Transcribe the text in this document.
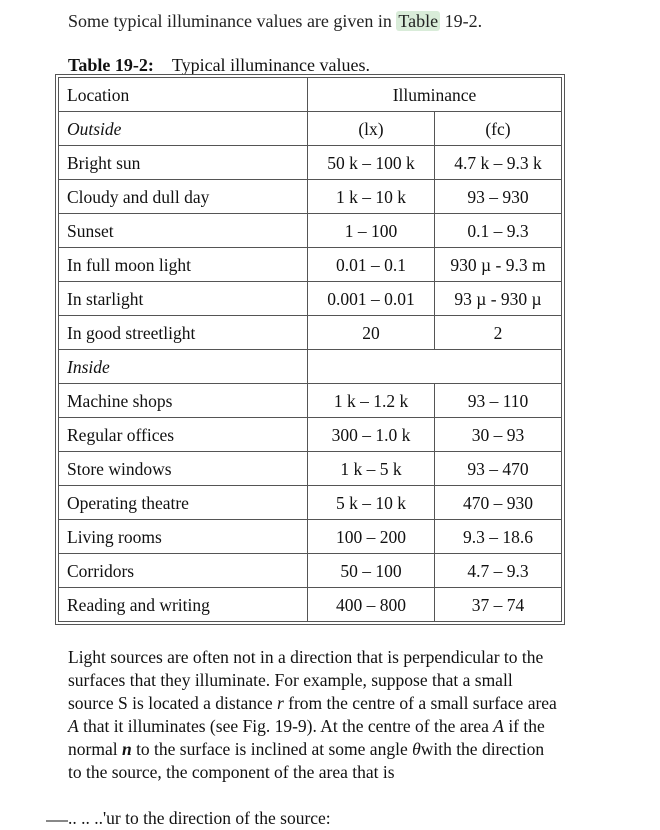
Some typical illuminance values are given in Table 19-2.
Table 19-2: Typical illuminance values.
Location	Illuminance	
Outside	(lx)	(fc)
Bright sun	50 k – 100 k	4.7 k – 9.3 k
Cloudy and dull day	1 k – 10 k	93 – 930
Sunset	1 – 100	0.1 – 9.3
In full moon light	0.01 – 0.1	930 µ - 9.3 m
In starlight	0.001 – 0.01	93 µ - 930 µ
In good streetlight	20	2
Inside		
Machine shops	1 k – 1.2 k	93 – 110
Regular offices	300 – 1.0 k	30 – 93
Store windows	1 k – 5 k	93 – 470
Operating theatre	5 k – 10 k	470 – 930
Living rooms	100 – 200	9.3 – 18.6
Corridors	50 – 100	4.7 – 9.3
Reading and writing	400 – 800	37 – 74
Light sources are often not in a direction that is perpendicular to the surfaces that they illuminate. For example, suppose that a small source S is located a distance r from the centre of a small surface area A that it illuminates (see Fig. 19-9). At the centre of the area A if the normal n to the surface is inclined at some angle θwith the direction to the source, the component of the area that is
.. .. ..'ur to the direction of the source:
